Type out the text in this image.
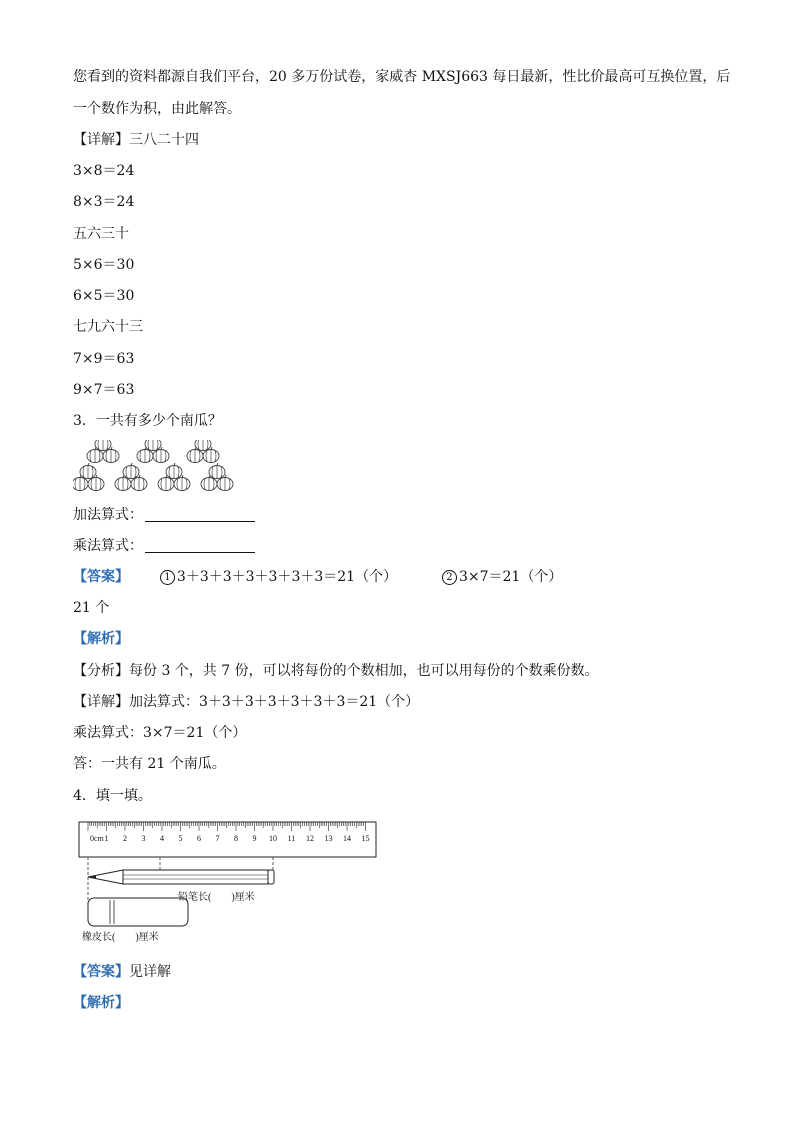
您看到的资料都源自我们平台，20 多万份试卷，家威杏 MXSJ663 每日最新，性比价最高可互换位置，后
一个数作为积，由此解答。
【详解】三八二十四
3×8＝24
8×3＝24
五六三十
5×6＝30
6×5＝30
七九六十三
7×9＝63
9×7＝63
3．一共有多少个南瓜？
加法算式：
乘法算式：
【答案】	1 3＋3＋3＋3＋3＋3＋3＝21（个）	2 3×7＝21（个）
21 个
【解析】
【分析】每份 3 个，共 7 份，可以将每份的个数相加，也可以用每份的个数乘份数。
【详解】加法算式：3＋3＋3＋3＋3＋3＋3＝21（个）
乘法算式：3×7＝21（个）
答：一共有 21 个南瓜。
4．填一填。
0cm 1 2 3 4 5 6 7 8 9 10 11 12 13 14 15
铅笔长(　　)厘米
橡皮长(　　)厘米
【答案】见详解
【解析】
